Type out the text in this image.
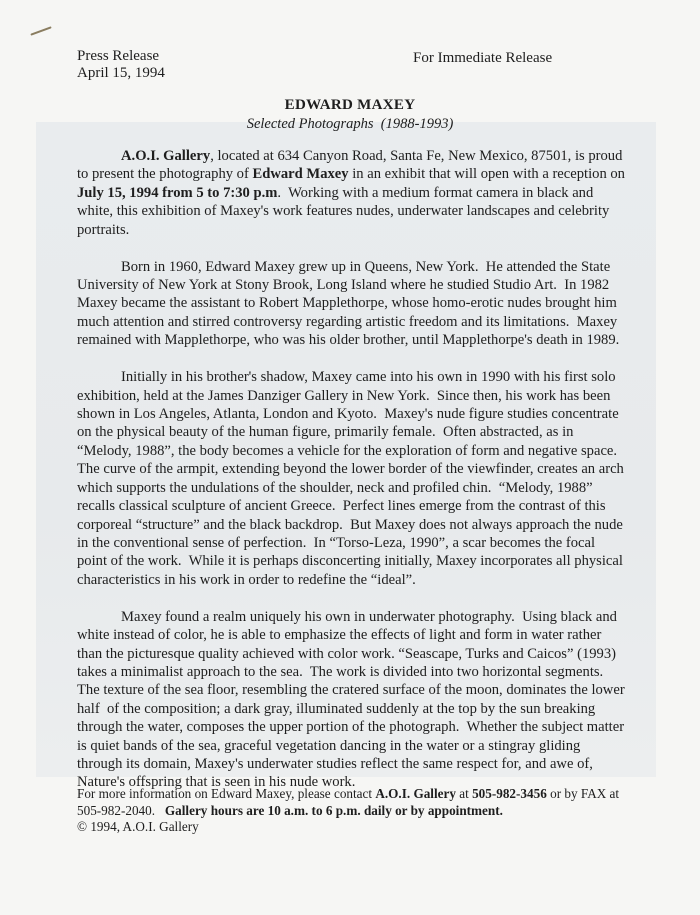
Press Release
April 15, 1994
For Immediate Release
EDWARD MAXEY
Selected Photographs  (1988-1993)

A.O.I. Gallery, located at 634 Canyon Road, Santa Fe, New Mexico, 87501, is proud to present the photography of Edward Maxey in an exhibit that will open with a reception on July 15, 1994 from 5 to 7:30 p.m.  Working with a medium format camera in black and white, this exhibition of Maxey's work features nudes, underwater landscapes and celebrity portraits.

Born in 1960, Edward Maxey grew up in Queens, New York.  He attended the State University of New York at Stony Brook, Long Island where he studied Studio Art.  In 1982 Maxey became the assistant to Robert Mapplethorpe, whose homo-erotic nudes brought him much attention and stirred controversy regarding artistic freedom and its limitations.  Maxey remained with Mapplethorpe, who was his older brother, until Mapplethorpe's death in 1989.

Initially in his brother's shadow, Maxey came into his own in 1990 with his first solo exhibition, held at the James Danziger Gallery in New York.  Since then, his work has been shown in Los Angeles, Atlanta, London and Kyoto.  Maxey's nude figure studies concentrate on the physical beauty of the human figure, primarily female.  Often abstracted, as in “Melody, 1988”, the body becomes a vehicle for the exploration of form and negative space.  The curve of the armpit, extending beyond the lower border of the viewfinder, creates an arch which supports the undulations of the shoulder, neck and profiled chin.  “Melody, 1988”  recalls classical sculpture of ancient Greece.  Perfect lines emerge from the contrast of this corporeal “structure” and the black backdrop.  But Maxey does not always approach the nude in the conventional sense of perfection.  In “Torso-Leza, 1990”, a scar becomes the focal point of the work.  While it is perhaps disconcerting initially, Maxey incorporates all physical characteristics in his work in order to redefine the “ideal”.

Maxey found a realm uniquely his own in underwater photography.  Using black and white instead of color, he is able to emphasize the effects of light and form in water rather than the picturesque quality achieved with color work. “Seascape, Turks and Caicos” (1993) takes a minimalist approach to the sea.  The work is divided into two horizontal segments.  The texture of the sea floor, resembling the cratered surface of the moon, dominates the lower half  of the composition; a dark gray, illuminated suddenly at the top by the sun breaking through the water, composes the upper portion of the photograph.  Whether the subject matter is quiet bands of the sea, graceful vegetation dancing in the water or a stingray gliding through its domain, Maxey's underwater studies reflect the same respect for, and awe of, Nature's offspring that is seen in his nude work.

For more information on Edward Maxey, please contact A.O.I. Gallery at 505-982-3456 or by FAX at 505-982-2040.   Gallery hours are 10 a.m. to 6 p.m. daily or by appointment.

© 1994, A.O.I. Gallery
